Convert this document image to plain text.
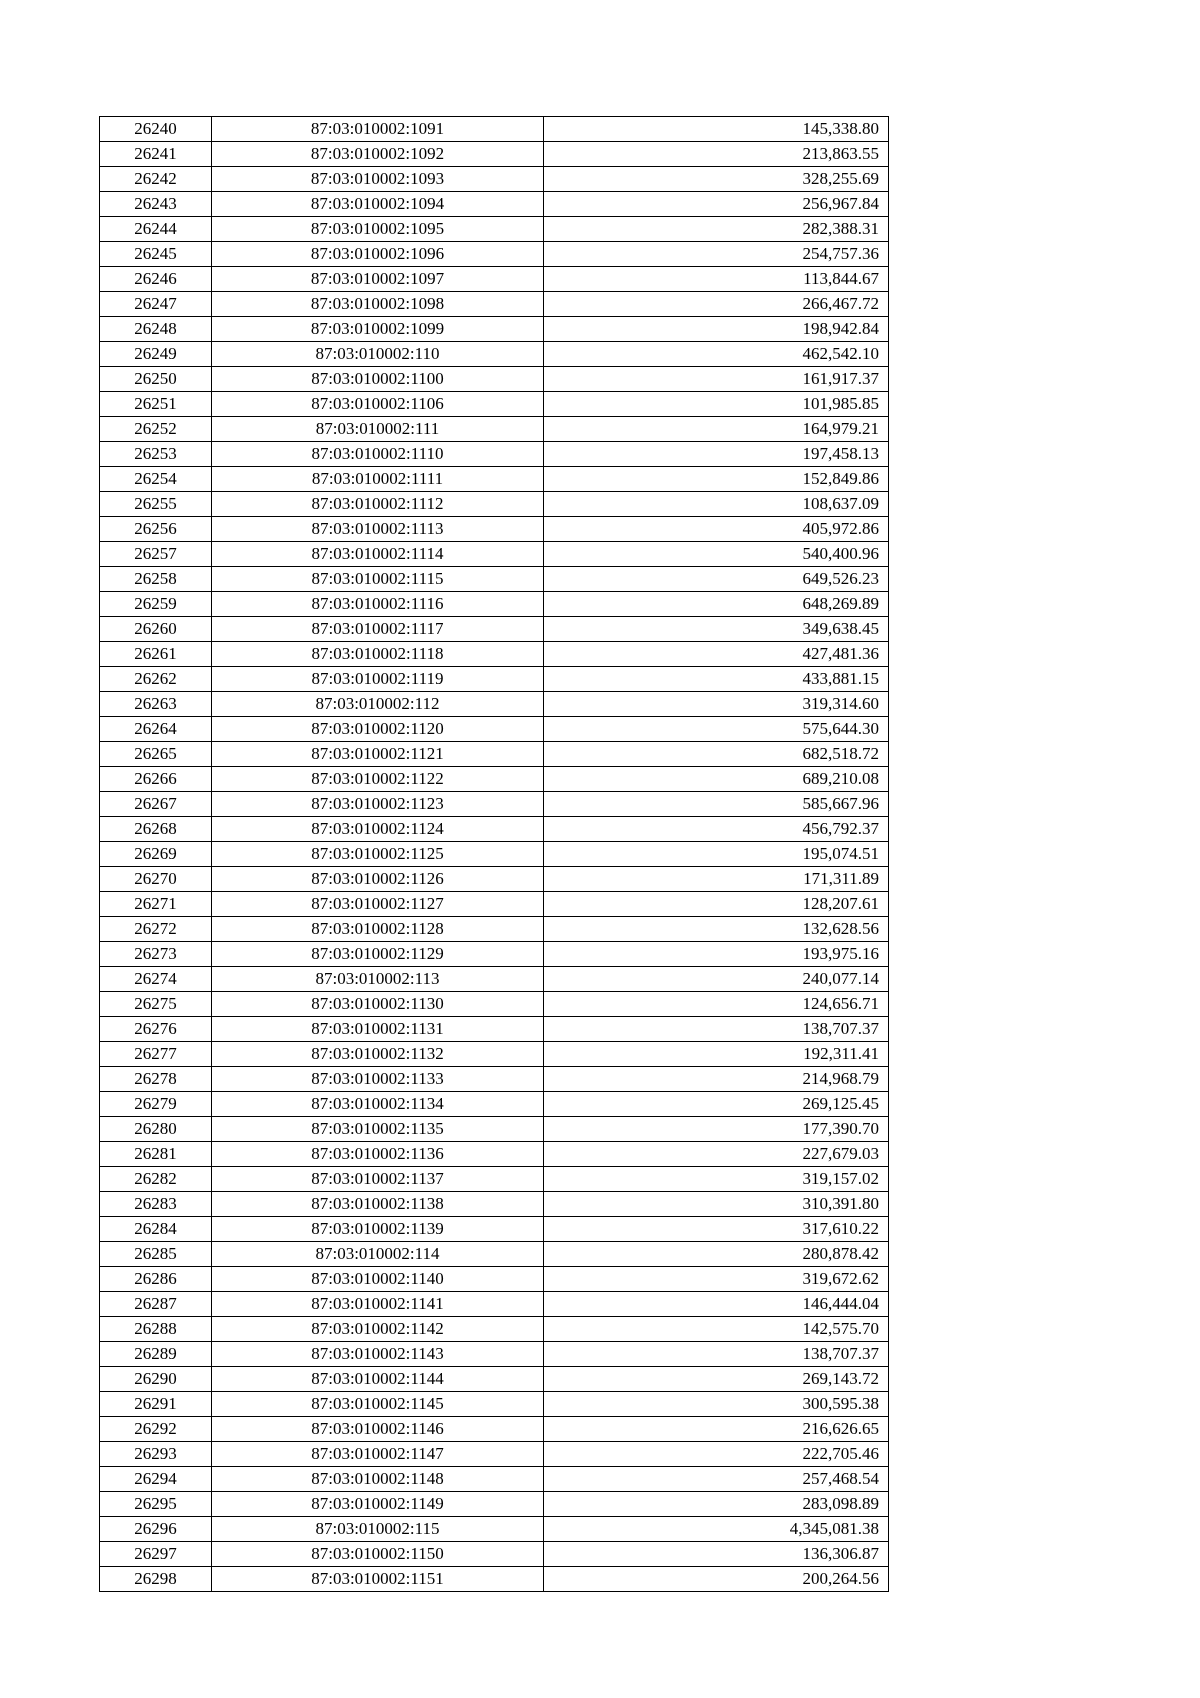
26240	87:03:010002:1091	145,338.80
26241	87:03:010002:1092	213,863.55
26242	87:03:010002:1093	328,255.69
26243	87:03:010002:1094	256,967.84
26244	87:03:010002:1095	282,388.31
26245	87:03:010002:1096	254,757.36
26246	87:03:010002:1097	113,844.67
26247	87:03:010002:1098	266,467.72
26248	87:03:010002:1099	198,942.84
26249	87:03:010002:110	462,542.10
26250	87:03:010002:1100	161,917.37
26251	87:03:010002:1106	101,985.85
26252	87:03:010002:111	164,979.21
26253	87:03:010002:1110	197,458.13
26254	87:03:010002:1111	152,849.86
26255	87:03:010002:1112	108,637.09
26256	87:03:010002:1113	405,972.86
26257	87:03:010002:1114	540,400.96
26258	87:03:010002:1115	649,526.23
26259	87:03:010002:1116	648,269.89
26260	87:03:010002:1117	349,638.45
26261	87:03:010002:1118	427,481.36
26262	87:03:010002:1119	433,881.15
26263	87:03:010002:112	319,314.60
26264	87:03:010002:1120	575,644.30
26265	87:03:010002:1121	682,518.72
26266	87:03:010002:1122	689,210.08
26267	87:03:010002:1123	585,667.96
26268	87:03:010002:1124	456,792.37
26269	87:03:010002:1125	195,074.51
26270	87:03:010002:1126	171,311.89
26271	87:03:010002:1127	128,207.61
26272	87:03:010002:1128	132,628.56
26273	87:03:010002:1129	193,975.16
26274	87:03:010002:113	240,077.14
26275	87:03:010002:1130	124,656.71
26276	87:03:010002:1131	138,707.37
26277	87:03:010002:1132	192,311.41
26278	87:03:010002:1133	214,968.79
26279	87:03:010002:1134	269,125.45
26280	87:03:010002:1135	177,390.70
26281	87:03:010002:1136	227,679.03
26282	87:03:010002:1137	319,157.02
26283	87:03:010002:1138	310,391.80
26284	87:03:010002:1139	317,610.22
26285	87:03:010002:114	280,878.42
26286	87:03:010002:1140	319,672.62
26287	87:03:010002:1141	146,444.04
26288	87:03:010002:1142	142,575.70
26289	87:03:010002:1143	138,707.37
26290	87:03:010002:1144	269,143.72
26291	87:03:010002:1145	300,595.38
26292	87:03:010002:1146	216,626.65
26293	87:03:010002:1147	222,705.46
26294	87:03:010002:1148	257,468.54
26295	87:03:010002:1149	283,098.89
26296	87:03:010002:115	4,345,081.38
26297	87:03:010002:1150	136,306.87
26298	87:03:010002:1151	200,264.56
